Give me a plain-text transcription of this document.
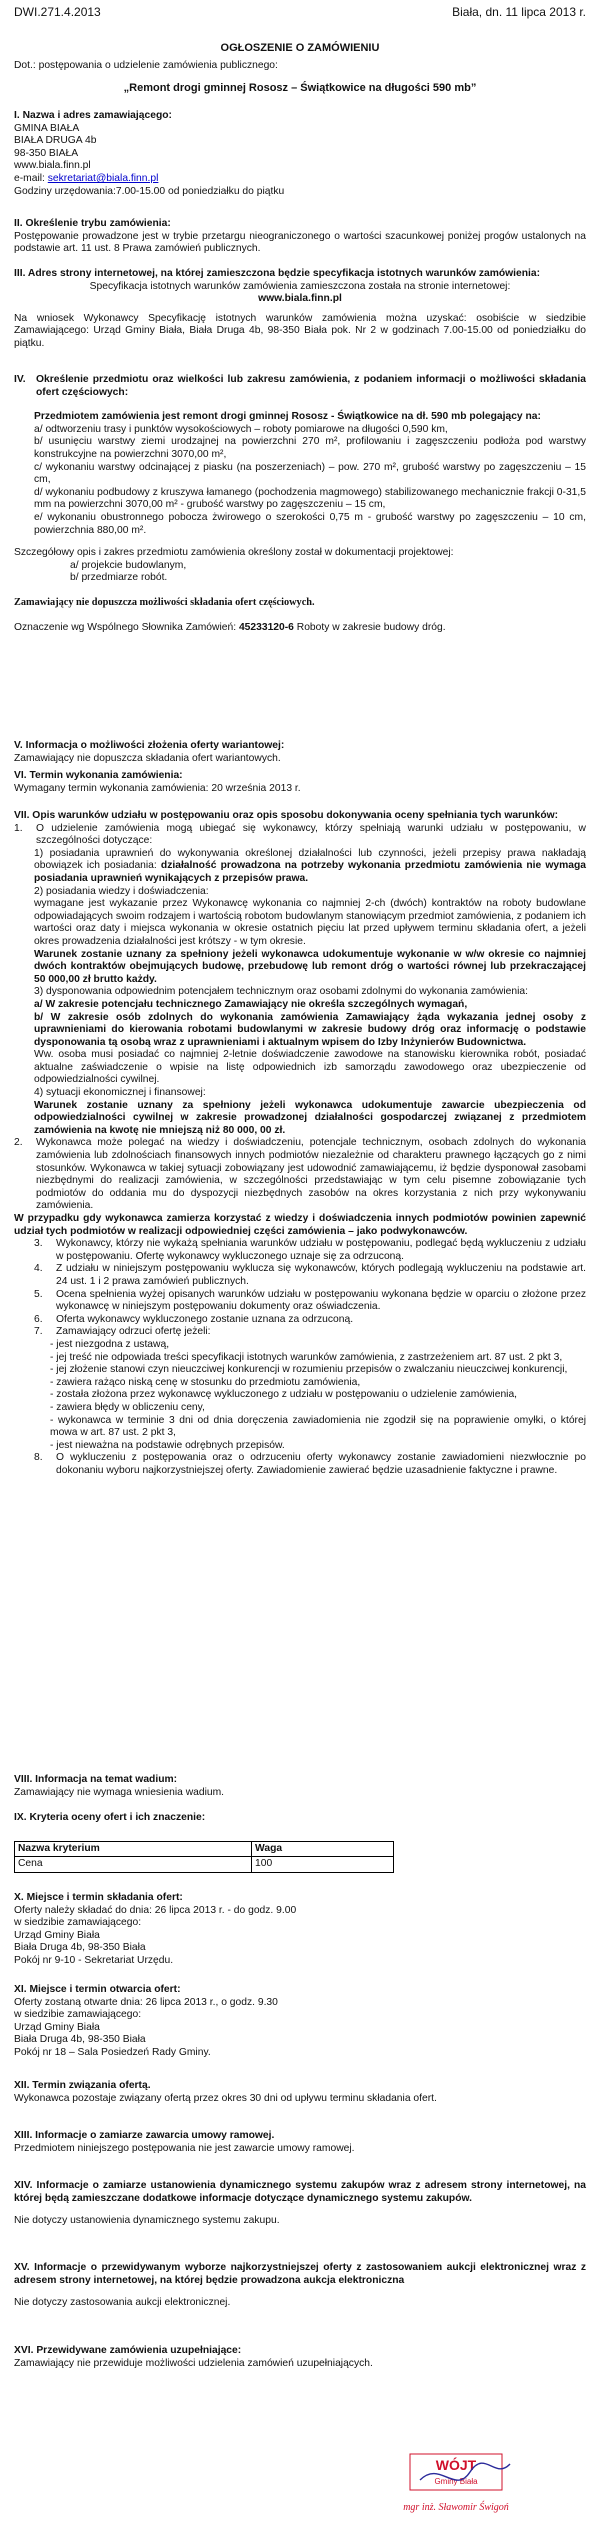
DWI.271.4.2013	Biała, dn. 11 lipca 2013 r.
OGŁOSZENIE O ZAMÓWIENIU
Dot.: postępowania o udzielenie zamówienia publicznego:
„Remont drogi gminnej Rososz – Świątkowice na długości 590 mb”

I. Nazwa i adres zamawiającego:

GMINA BIAŁA

BIAŁA DRUGA 4b

98-350 BIAŁA

www.biala.finn.pl

e-mail: sekretariat@biala.finn.pl

Godziny urzędowania:7.00-15.00 od poniedziałku do piątku

II. Określenie trybu zamówienia:

Postępowanie prowadzone jest w trybie przetargu nieograniczonego o wartości szacunkowej poniżej progów ustalonych na podstawie art. 11 ust. 8 Prawa zamówień publicznych.

III. Adres strony internetowej, na której zamieszczona będzie specyfikacja istotnych warunków zamówienia:

Specyfikacja istotnych warunków zamówienia zamieszczona została na stronie internetowej:

www.biala.finn.pl

Na wniosek Wykonawcy Specyfikację istotnych warunków zamówienia można uzyskać: osobiście w siedzibie Zamawiającego: Urząd Gminy Biała, Biała Druga 4b, 98-350 Biała pok. Nr 2 w godzinach 7.00-15.00 od poniedziałku do piątku.

IV.	Określenie przedmiotu oraz wielkości lub zakresu zamówienia, z podaniem informacji o możliwości składania ofert częściowych:

Przedmiotem zamówienia jest remont drogi gminnej Rososz - Świątkowice na dł. 590 mb polegający na:

a/ odtworzeniu trasy i punktów wysokościowych – roboty pomiarowe na długości 0,590 km,

b/ usunięciu warstwy ziemi urodzajnej na powierzchni 270 m², profilowaniu i zagęszczeniu podłoża pod warstwy konstrukcyjne na powierzchni 3070,00 m²,

c/ wykonaniu warstwy odcinającej z piasku (na poszerzeniach) – pow. 270 m², grubość warstwy po zagęszczeniu – 15 cm,

d/ wykonaniu podbudowy z kruszywa łamanego (pochodzenia magmowego) stabilizowanego mechanicznie frakcji 0-31,5 mm na powierzchni 3070,00 m² - grubość warstwy po zagęszczeniu – 15 cm,

e/ wykonaniu obustronnego pobocza żwirowego o szerokości 0,75 m - grubość warstwy po zagęszczeniu – 10 cm, powierzchnia 880,00 m².

Szczegółowy opis i zakres przedmiotu zamówienia określony został w dokumentacji projektowej:

a/ projekcie budowlanym,

b/ przedmiarze robót.

Zamawiający nie dopuszcza możliwości składania ofert częściowych.

Oznaczenie wg Wspólnego Słownika Zamówień: 45233120-6 Roboty w zakresie budowy dróg.

V. Informacja o możliwości złożenia oferty wariantowej:

Zamawiający nie dopuszcza składania ofert wariantowych.

VI. Termin wykonania zamówienia:

Wymagany termin wykonania zamówienia: 20 września 2013 r.

VII. Opis warunków udziału w postępowaniu oraz opis sposobu dokonywania oceny spełniania tych warunków:

1.	O udzielenie zamówienia mogą ubiegać się wykonawcy, którzy spełniają warunki udziału w postępowaniu, w szczególności dotyczące:

1) posiadania uprawnień do wykonywania określonej działalności lub czynności, jeżeli przepisy prawa nakładają obowiązek ich posiadania: działalność prowadzona na potrzeby wykonania przedmiotu zamówienia nie wymaga posiadania uprawnień wynikających z przepisów prawa.

2) posiadania wiedzy i doświadczenia:

wymagane jest wykazanie przez Wykonawcę wykonania co najmniej 2-ch (dwóch) kontraktów na roboty budowlane odpowiadających swoim rodzajem i wartością robotom budowlanym stanowiącym przedmiot zamówienia, z podaniem ich wartości oraz daty i miejsca wykonania w okresie ostatnich pięciu lat przed upływem terminu składania ofert, a jeżeli okres prowadzenia działalności jest krótszy - w tym okresie.

Warunek zostanie uznany za spełniony jeżeli wykonawca udokumentuje wykonanie w w/w okresie co najmniej dwóch kontraktów obejmujących budowę, przebudowę lub remont dróg o wartości równej lub przekraczającej 50 000,00 zł brutto każdy.

3) dysponowania odpowiednim potencjałem technicznym oraz osobami zdolnymi do wykonania zamówienia:

a/ W zakresie potencjału technicznego Zamawiający nie określa szczególnych wymagań,

b/ W zakresie osób zdolnych do wykonania zamówienia Zamawiający żąda wykazania jednej osoby z uprawnieniami do kierowania robotami budowlanymi w zakresie budowy dróg oraz informację o podstawie dysponowania tą osobą wraz z uprawnieniami i aktualnym wpisem do Izby Inżynierów Budownictwa.

Ww. osoba musi posiadać co najmniej 2-letnie doświadczenie zawodowe na stanowisku kierownika robót, posiadać aktualne zaświadczenie o wpisie na listę odpowiednich izb samorządu zawodowego oraz ubezpieczenie od odpowiedzialności cywilnej.

4) sytuacji ekonomicznej i finansowej:

Warunek zostanie uznany za spełniony jeżeli wykonawca udokumentuje zawarcie ubezpieczenia od odpowiedzialności cywilnej w zakresie prowadzonej działalności gospodarczej związanej z przedmiotem zamówienia na kwotę nie mniejszą niż 80 000, 00 zł.

2.	Wykonawca może polegać na wiedzy i doświadczeniu, potencjale technicznym, osobach zdolnych do wykonania zamówienia lub zdolnościach finansowych innych podmiotów niezależnie od charakteru prawnego łączących go z nimi stosunków. Wykonawca w takiej sytuacji zobowiązany jest udowodnić zamawiającemu, iż będzie dysponował zasobami niezbędnymi do realizacji zamówienia, w szczególności przedstawiając w tym celu pisemne zobowiązanie tych podmiotów do oddania mu do dyspozycji niezbędnych zasobów na okres korzystania z nich przy wykonywaniu zamówienia.

W przypadku gdy wykonawca zamierza korzystać z wiedzy i doświadczenia innych podmiotów powinien zapewnić udział tych podmiotów w realizacji odpowiedniej części zamówienia – jako podwykonawców.

3.	Wykonawcy, którzy nie wykażą spełniania warunków udziału w postępowaniu, podlegać będą wykluczeniu z udziału w postępowaniu. Ofertę wykonawcy wykluczonego uznaje się za odrzuconą.
4.	Z udziału w niniejszym postępowaniu wyklucza się wykonawców, których podlegają wykluczeniu na podstawie art. 24 ust. 1 i 2 prawa zamówień publicznych.
5.	Ocena spełnienia wyżej opisanych warunków udziału w postępowaniu wykonana będzie w oparciu o złożone przez wykonawcę w niniejszym postępowaniu dokumenty oraz oświadczenia.
6.	Oferta wykonawcy wykluczonego zostanie uznana za odrzuconą.
7.	Zamawiający odrzuci ofertę jeżeli:

- jest niezgodna z ustawą,

- jej treść nie odpowiada treści specyfikacji istotnych warunków zamówienia, z zastrzeżeniem art. 87 ust. 2 pkt 3,

- jej złożenie stanowi czyn nieuczciwej konkurencji w rozumieniu przepisów o zwalczaniu nieuczciwej konkurencji,

- zawiera rażąco niską cenę w stosunku do przedmiotu zamówienia,

- została złożona przez wykonawcę wykluczonego z udziału w postępowaniu o udzielenie zamówienia,

- zawiera błędy w obliczeniu ceny,

- wykonawca w terminie 3 dni od dnia doręczenia zawiadomienia nie zgodził się na poprawienie omyłki, o której mowa w art. 87 ust. 2 pkt 3,

- jest nieważna na podstawie odrębnych przepisów.

8.	O wykluczeniu z postępowania oraz o odrzuceniu oferty wykonawcy zostanie zawiadomieni niezwłocznie po dokonaniu wyboru najkorzystniejszej oferty. Zawiadomienie zawierać będzie uzasadnienie faktyczne i prawne.

VIII. Informacja na temat wadium:

Zamawiający nie wymaga wniesienia wadium.

IX. Kryteria oceny ofert i ich znaczenie:

Nazwa kryterium	Waga
Cena	100

X. Miejsce i termin składania ofert:

Oferty należy składać do dnia: 26 lipca 2013 r. - do godz. 9.00

w siedzibie zamawiającego:

Urząd Gminy Biała

Biała Druga 4b, 98-350 Biała

Pokój nr 9-10 - Sekretariat Urzędu.

XI. Miejsce i termin otwarcia ofert:

Oferty zostaną otwarte dnia: 26 lipca 2013 r., o godz. 9.30

w siedzibie zamawiającego:

Urząd Gminy Biała

Biała Druga 4b, 98-350 Biała

Pokój nr 18 – Sala Posiedzeń Rady Gminy.

XII. Termin związania ofertą.

Wykonawca pozostaje związany ofertą przez okres 30 dni od upływu terminu składania ofert.

XIII. Informacje o zamiarze zawarcia umowy ramowej.

Przedmiotem niniejszego postępowania nie jest zawarcie umowy ramowej.

XIV. Informacje o zamiarze ustanowienia dynamicznego systemu zakupów wraz z adresem strony internetowej, na której będą zamieszczane dodatkowe informacje dotyczące dynamicznego systemu zakupów.

Nie dotyczy ustanowienia dynamicznego systemu zakupu.

XV. Informacje o przewidywanym wyborze najkorzystniejszej oferty z zastosowaniem aukcji elektronicznej wraz z adresem strony internetowej, na której będzie prowadzona aukcja elektroniczna

Nie dotyczy zastosowania aukcji elektronicznej.

XVI. Przewidywane zamówienia uzupełniające:

Zamawiający nie przewiduje możliwości udzielenia zamówień uzupełniających.

WÓJT
Gminy Biała
mgr inż. Sławomir Świgoń
